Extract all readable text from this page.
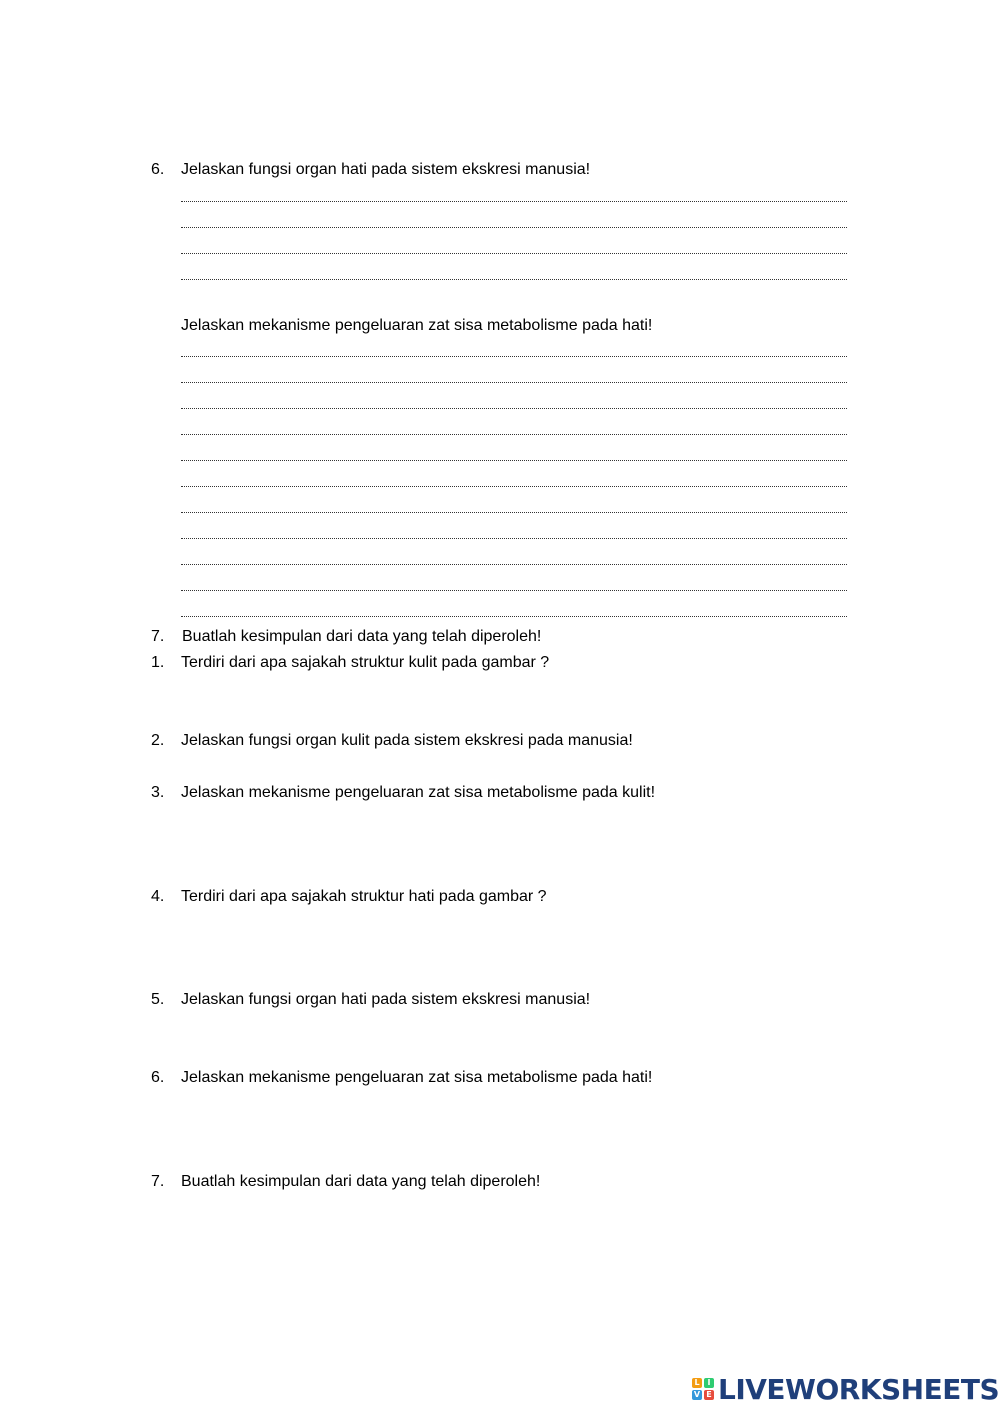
6. Jelaskan fungsi organ hati pada sistem ekskresi manusia!
Jelaskan mekanisme pengeluaran zat sisa metabolisme pada hati!
7. Buatlah kesimpulan dari data yang telah diperoleh!
1. Terdiri dari apa sajakah struktur kulit pada gambar ?
2. Jelaskan fungsi organ kulit pada sistem ekskresi pada manusia!
3. Jelaskan mekanisme pengeluaran zat sisa metabolisme pada kulit!
4. Terdiri dari apa sajakah struktur hati pada gambar ?
5. Jelaskan fungsi organ hati pada sistem ekskresi manusia!
6. Jelaskan mekanisme pengeluaran zat sisa metabolisme pada hati!
7. Buatlah kesimpulan dari data yang telah diperoleh!
L I
V E LIVEWORKSHEETS
